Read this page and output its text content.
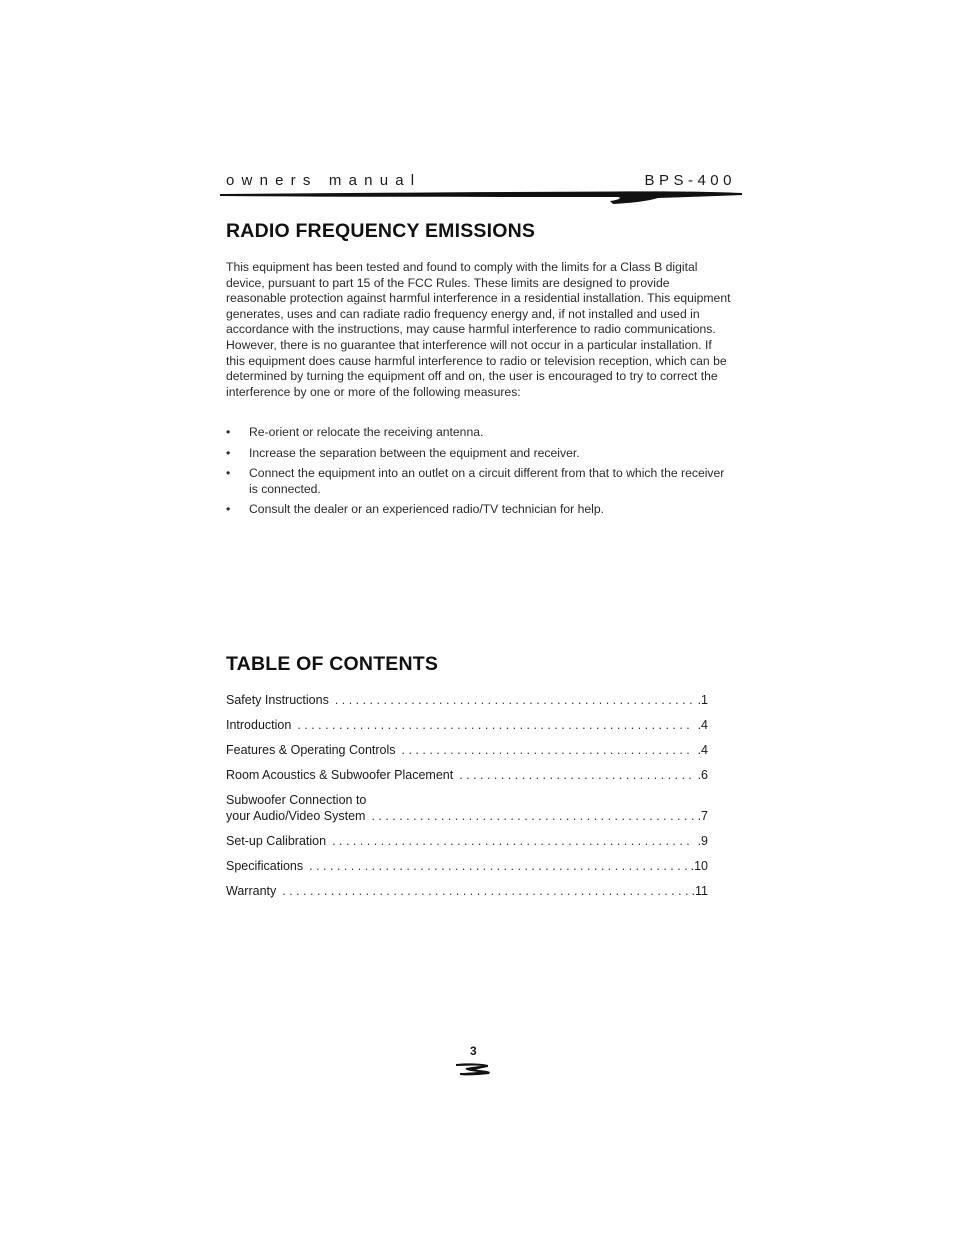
owners manual	BPS-400
RADIO FREQUENCY EMISSIONS

This equipment has been tested and found to comply with the limits for a Class B digital device, pursuant to part 15 of the FCC Rules. These limits are designed to provide reasonable protection against harmful interference in a residential installation. This equipment generates, uses and can radiate radio frequency energy and, if not installed and used in accordance with the instructions, may cause harmful interference to radio communications. However, there is no guarantee that interference will not occur in a particular installation. If this equipment does cause harmful interference to radio or television reception, which can be determined by turning the equipment off and on, the user is encouraged to try to correct the interference by one or more of the following measures:

• Re-orient or relocate the receiving antenna.
• Increase the separation between the equipment and receiver.
• Connect the equipment into an outlet on a circuit different from that to which the receiver is connected.
• Consult the dealer or an experienced radio/TV technician for help.
TABLE OF CONTENTS
Safety Instructions . . .	.1
Introduction . . .	.4
Features & Operating Controls . . .	.4
Room Acoustics & Subwoofer Placement . . .	.6
Subwoofer Connection to
your Audio/Video System . . .	.7
Set-up Calibration . . .	.9
Specifications . . .	.10
Warranty . . .	.11
3
